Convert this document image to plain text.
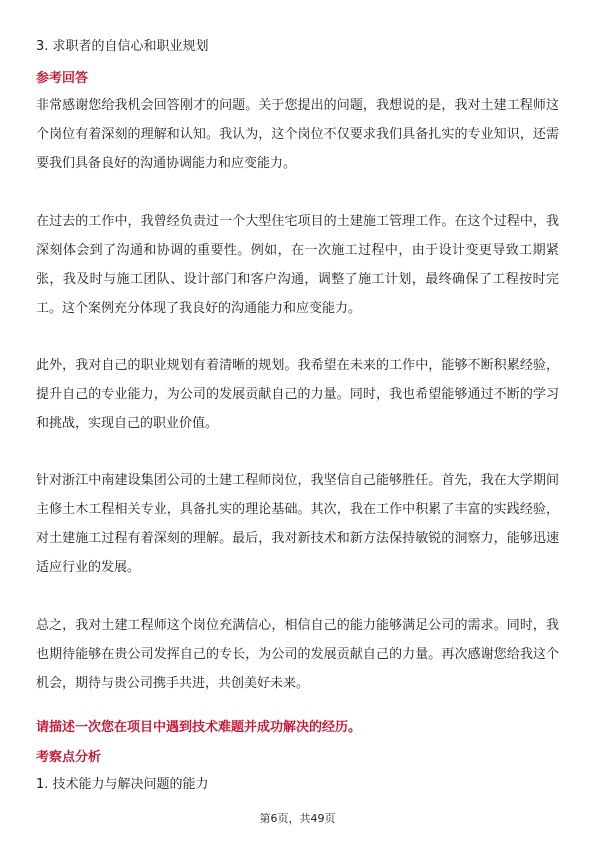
3. 求职者的自信心和职业规划
参考回答
非常感谢您给我机会回答刚才的问题。关于您提出的问题，我想说的是，我对土建工程师这个岗位有着深刻的理解和认知。我认为，这个岗位不仅要求我们具备扎实的专业知识，还需要我们具备良好的沟通协调能力和应变能力。
在过去的工作中，我曾经负责过一个大型住宅项目的土建施工管理工作。在这个过程中，我深刻体会到了沟通和协调的重要性。例如，在一次施工过程中，由于设计变更导致工期紧张，我及时与施工团队、设计部门和客户沟通，调整了施工计划，最终确保了工程按时完工。这个案例充分体现了我良好的沟通能力和应变能力。
此外，我对自己的职业规划有着清晰的规划。我希望在未来的工作中，能够不断积累经验，提升自己的专业能力，为公司的发展贡献自己的力量。同时，我也希望能够通过不断的学习和挑战，实现自己的职业价值。
针对浙江中南建设集团公司的土建工程师岗位，我坚信自己能够胜任。首先，我在大学期间主修土木工程相关专业，具备扎实的理论基础。其次，我在工作中积累了丰富的实践经验，对土建施工过程有着深刻的理解。最后，我对新技术和新方法保持敏锐的洞察力，能够迅速适应行业的发展。
总之，我对土建工程师这个岗位充满信心，相信自己的能力能够满足公司的需求。同时，我也期待能够在贵公司发挥自己的专长，为公司的发展贡献自己的力量。再次感谢您给我这个机会，期待与贵公司携手共进，共创美好未来。
请描述一次您在项目中遇到技术难题并成功解决的经历。
考察点分析
1. 技术能力与解决问题的能力
第6页，共49页
